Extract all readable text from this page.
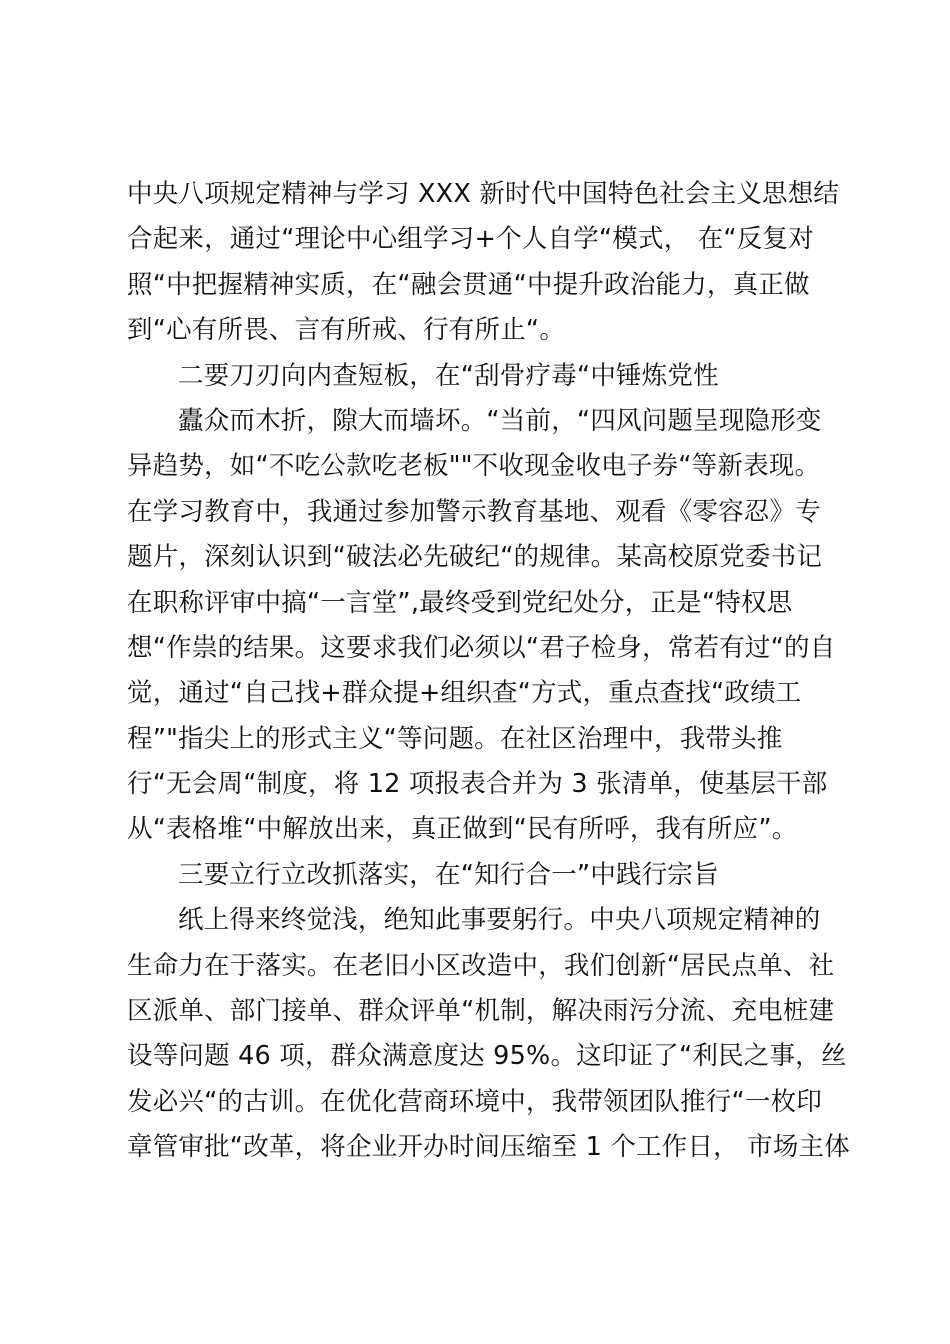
中央八项规定精神与学习 XXX 新时代中国特色社会主义思想结
合起来，通过“理论中心组学习+个人自学“模式， 在“反复对
照“中把握精神实质，在“融会贯通“中提升政治能力，真正做
到“心有所畏、言有所戒、行有所止“。
二要刀刃向内查短板，在“刮骨疗毒“中锤炼党性
蠹众而木折，隙大而墙坏。“当前，“四风问题呈现隐形变
异趋势，如“不吃公款吃老板""不收现金收电子券“等新表现。
在学习教育中，我通过参加警示教育基地、观看《零容忍》专
题片，深刻认识到“破法必先破纪“的规律。某高校原党委书记
在职称评审中搞“一言堂”,最终受到党纪处分，正是“特权思
想“作祟的结果。这要求我们必须以“君子检身，常若有过“的自
觉，通过“自己找+群众提+组织查“方式，重点查找“政绩工
程”"指尖上的形式主义“等问题。在社区治理中，我带头推
行“无会周“制度，将 12 项报表合并为 3 张清单，使基层干部
从“表格堆“中解放出来，真正做到“民有所呼，我有所应”。
三要立行立改抓落实，在“知行合一”中践行宗旨
纸上得来终觉浅，绝知此事要躬行。中央八项规定精神的
生命力在于落实。在老旧小区改造中，我们创新“居民点单、社
区派单、部门接单、群众评单“机制，解决雨污分流、充电桩建
设等问题 46 项，群众满意度达 95%。这印证了“利民之事，丝
发必兴“的古训。在优化营商环境中，我带领团队推行“一枚印
章管审批“改革，将企业开办时间压缩至 1 个工作日， 市场主体
